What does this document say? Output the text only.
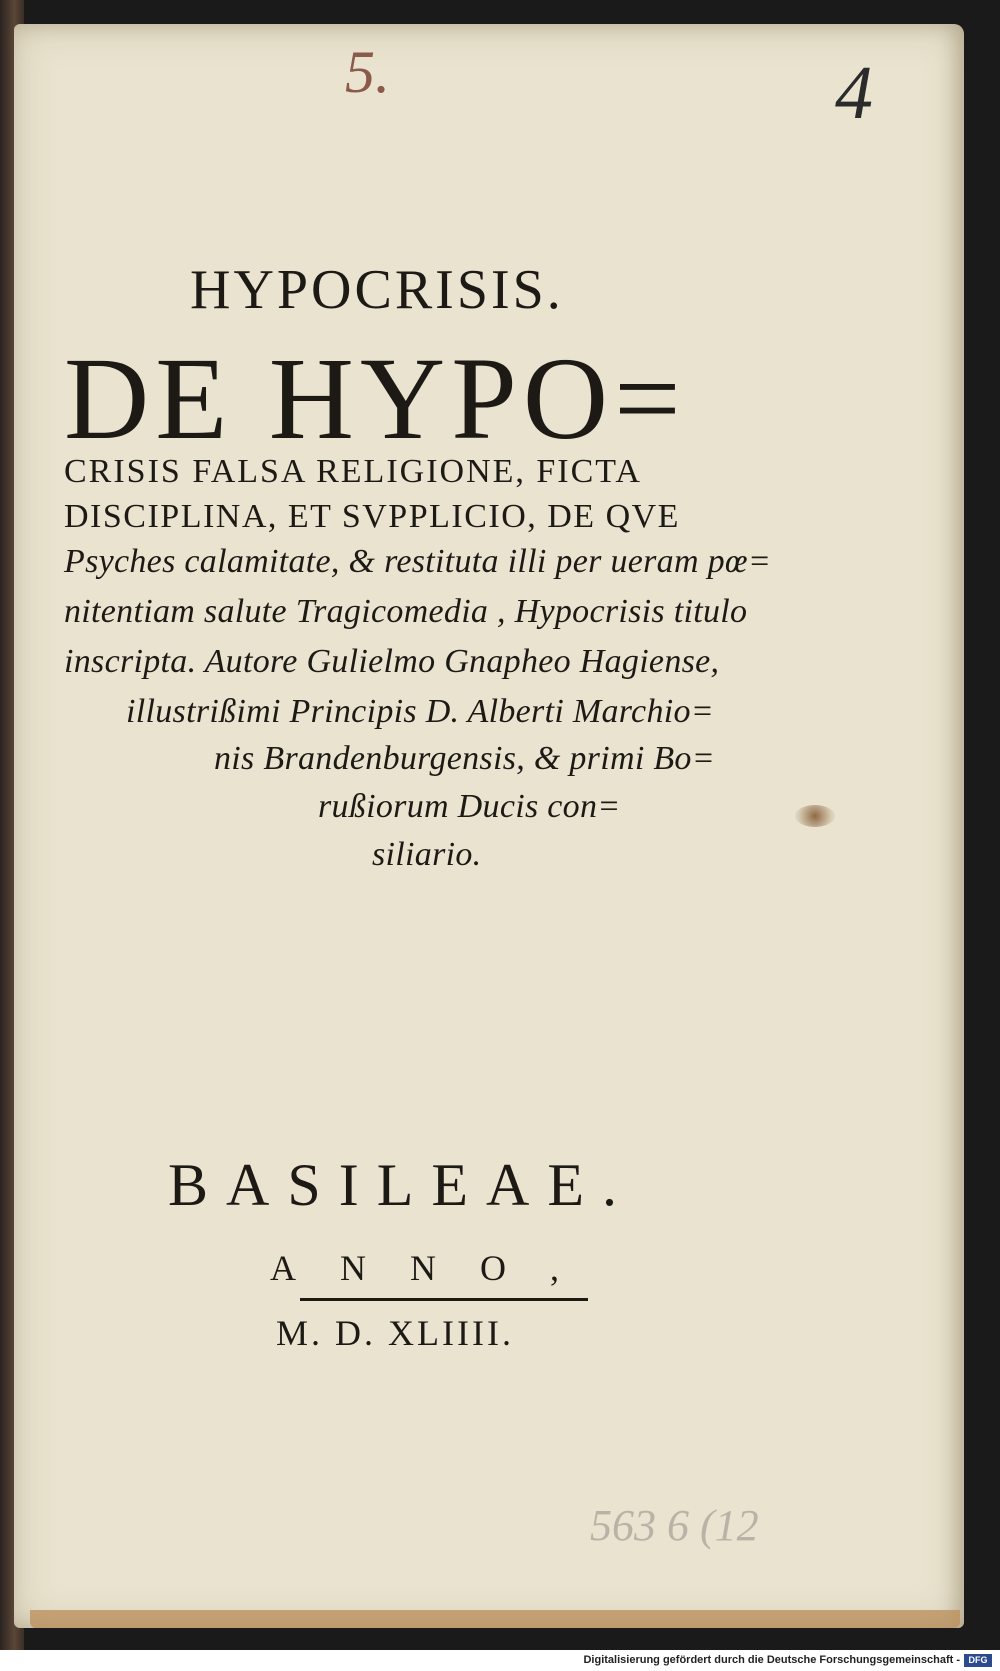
5.	4
563 6 (12
HYPOCRISIS.
DE HYPO=
CRISIS FALSA RELIGIONE, FICTA
DISCIPLINA, ET SVPPLICIO, DE QVE
Psyches calamitate, & restituta illi per ueram pœ=
nitentiam salute Tragicomedia , Hypocrisis titulo
inscripta. Autore Gulielmo Gnapheo Hagiense,
illustrißimi Principis D. Alberti Marchio=
nis Brandenburgensis, & primi Bo=
rußiorum Ducis con=
siliario.
BASILEAE.
ANNO,
M. D. XLIIII.
Digitalisierung gefördert durch die Deutsche Forschungsgemeinschaft - DFG
